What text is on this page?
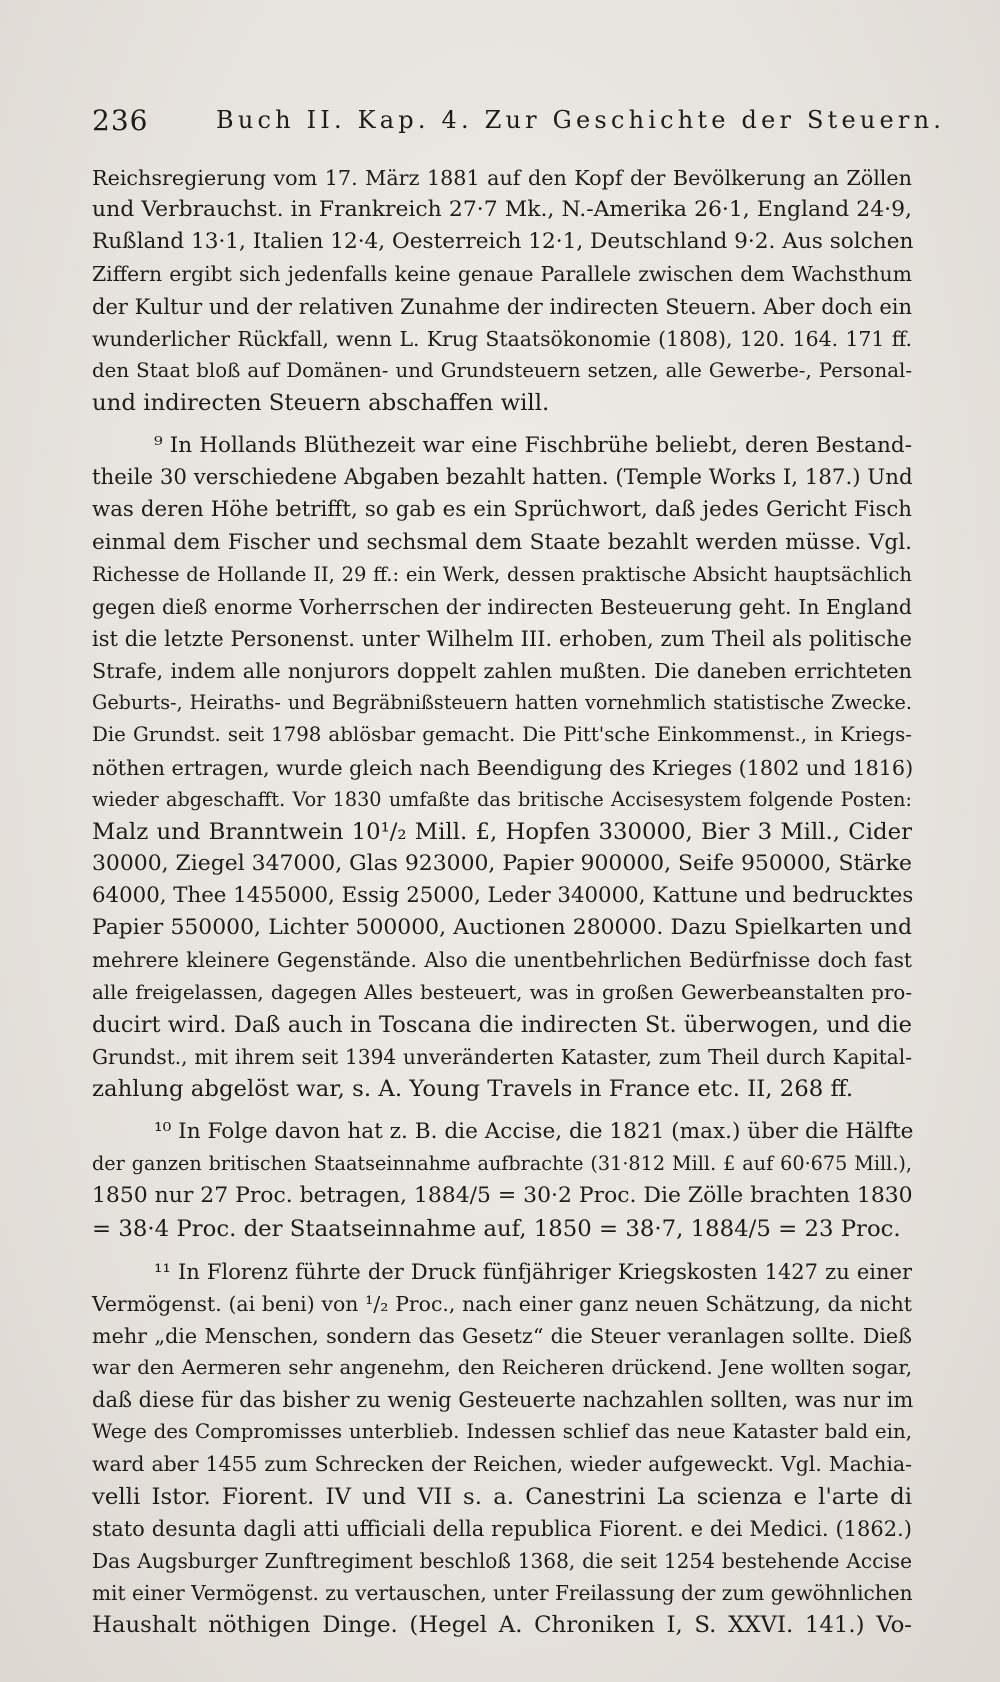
236	Buch II. Kap. 4. Zur Geschichte der Steuern.
Reichsregierung vom 17. März 1881 auf den Kopf der Bevölkerung an Zöllen
und Verbrauchst. in Frankreich 27·7 Mk., N.-Amerika 26·1, England 24·9,
Rußland 13·1, Italien 12·4, Oesterreich 12·1, Deutschland 9·2. Aus solchen
Ziffern ergibt sich jedenfalls keine genaue Parallele zwischen dem Wachsthum
der Kultur und der relativen Zunahme der indirecten Steuern. Aber doch ein
wunderlicher Rückfall, wenn L. Krug Staatsökonomie (1808), 120. 164. 171 ff.
den Staat bloß auf Domänen- und Grundsteuern setzen, alle Gewerbe-, Personal-
und indirecten Steuern abschaffen will.
⁹ In Hollands Blüthezeit war eine Fischbrühe beliebt, deren Bestand-
theile 30 verschiedene Abgaben bezahlt hatten. (Temple Works I, 187.) Und
was deren Höhe betrifft, so gab es ein Sprüchwort, daß jedes Gericht Fisch
einmal dem Fischer und sechsmal dem Staate bezahlt werden müsse. Vgl.
Richesse de Hollande II, 29 ff.: ein Werk, dessen praktische Absicht hauptsächlich
gegen dieß enorme Vorherrschen der indirecten Besteuerung geht. In England
ist die letzte Personenst. unter Wilhelm III. erhoben, zum Theil als politische
Strafe, indem alle nonjurors doppelt zahlen mußten. Die daneben errichteten
Geburts-, Heiraths- und Begräbnißsteuern hatten vornehmlich statistische Zwecke.
Die Grundst. seit 1798 ablösbar gemacht. Die Pitt'sche Einkommenst., in Kriegs-
nöthen ertragen, wurde gleich nach Beendigung des Krieges (1802 und 1816)
wieder abgeschafft. Vor 1830 umfaßte das britische Accisesystem folgende Posten:
Malz und Branntwein 10¹/₂ Mill. £, Hopfen 330000, Bier 3 Mill., Cider
30000, Ziegel 347000, Glas 923000, Papier 900000, Seife 950000, Stärke
64000, Thee 1455000, Essig 25000, Leder 340000, Kattune und bedrucktes
Papier 550000, Lichter 500000, Auctionen 280000. Dazu Spielkarten und
mehrere kleinere Gegenstände. Also die unentbehrlichen Bedürfnisse doch fast
alle freigelassen, dagegen Alles besteuert, was in großen Gewerbeanstalten pro-
ducirt wird. Daß auch in Toscana die indirecten St. überwogen, und die
Grundst., mit ihrem seit 1394 unveränderten Kataster, zum Theil durch Kapital-
zahlung abgelöst war, s. A. Young Travels in France etc. II, 268 ff.
¹⁰ In Folge davon hat z. B. die Accise, die 1821 (max.) über die Hälfte
der ganzen britischen Staatseinnahme aufbrachte (31·812 Mill. £ auf 60·675 Mill.),
1850 nur 27 Proc. betragen, 1884/5 = 30·2 Proc. Die Zölle brachten 1830
= 38·4 Proc. der Staatseinnahme auf, 1850 = 38·7, 1884/5 = 23 Proc.
¹¹ In Florenz führte der Druck fünfjähriger Kriegskosten 1427 zu einer
Vermögenst. (ai beni) von ¹/₂ Proc., nach einer ganz neuen Schätzung, da nicht
mehr „die Menschen, sondern das Gesetz“ die Steuer veranlagen sollte. Dieß
war den Aermeren sehr angenehm, den Reicheren drückend. Jene wollten sogar,
daß diese für das bisher zu wenig Gesteuerte nachzahlen sollten, was nur im
Wege des Compromisses unterblieb. Indessen schlief das neue Kataster bald ein,
ward aber 1455 zum Schrecken der Reichen, wieder aufgeweckt. Vgl. Machia-
velli Istor. Fiorent. IV und VII s. a. Canestrini La scienza e l'arte di
stato desunta dagli atti ufficiali della republica Fiorent. e dei Medici. (1862.)
Das Augsburger Zunftregiment beschloß 1368, die seit 1254 bestehende Accise
mit einer Vermögenst. zu vertauschen, unter Freilassung der zum gewöhnlichen
Haushalt nöthigen Dinge. (Hegel A. Chroniken I, S. XXVI. 141.) Vo-
